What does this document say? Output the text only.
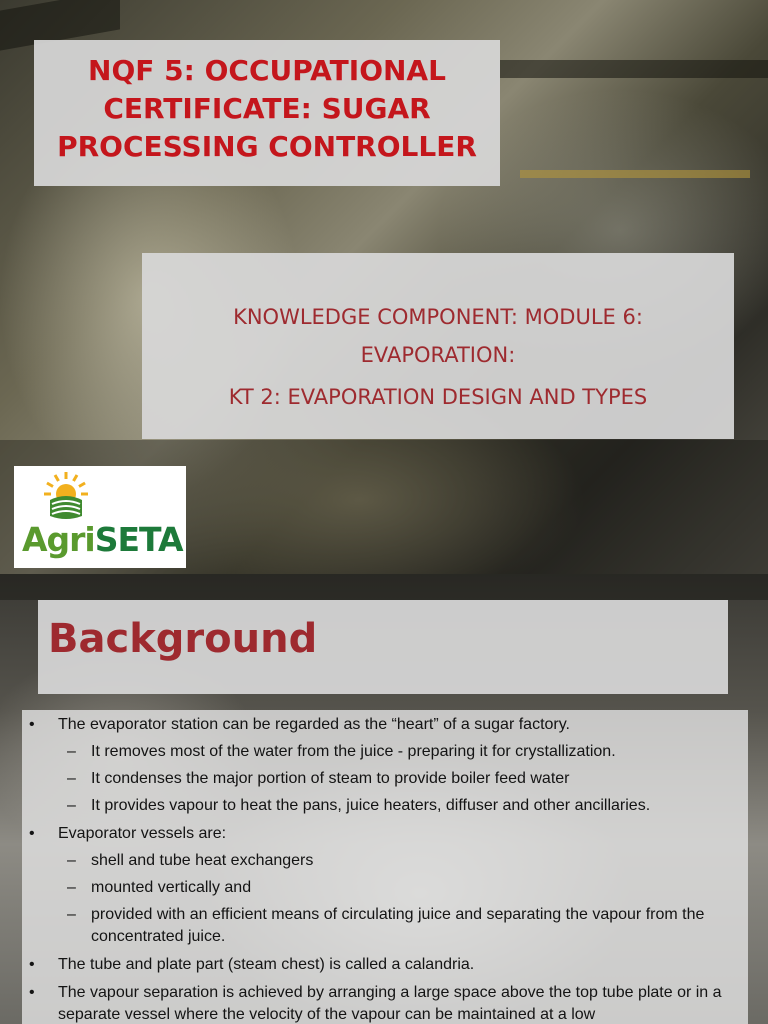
NQF 5: OCCUPATIONAL
CERTIFICATE: SUGAR
PROCESSING CONTROLLER

KNOWLEDGE COMPONENT: MODULE 6:

EVAPORATION:

KT 2: EVAPORATION DESIGN AND TYPES

AgriSETA
Background
• The evaporator station can be regarded as the “heart” of a sugar factory.
– It removes most of the water from the juice - preparing it for crystallization.
– It condenses the major portion of steam to provide boiler feed water
– It provides vapour to heat the pans, juice heaters, diffuser and other ancillaries.
• Evaporator vessels are:
– shell and tube heat exchangers
– mounted vertically and
– provided with an efficient means of circulating juice and separating the vapour from the concentrated juice.
• The tube and plate part (steam chest) is called a calandria.
• The vapour separation is achieved by arranging a large space above the top tube plate or in a separate vessel where the velocity of the vapour can be maintained at a low
